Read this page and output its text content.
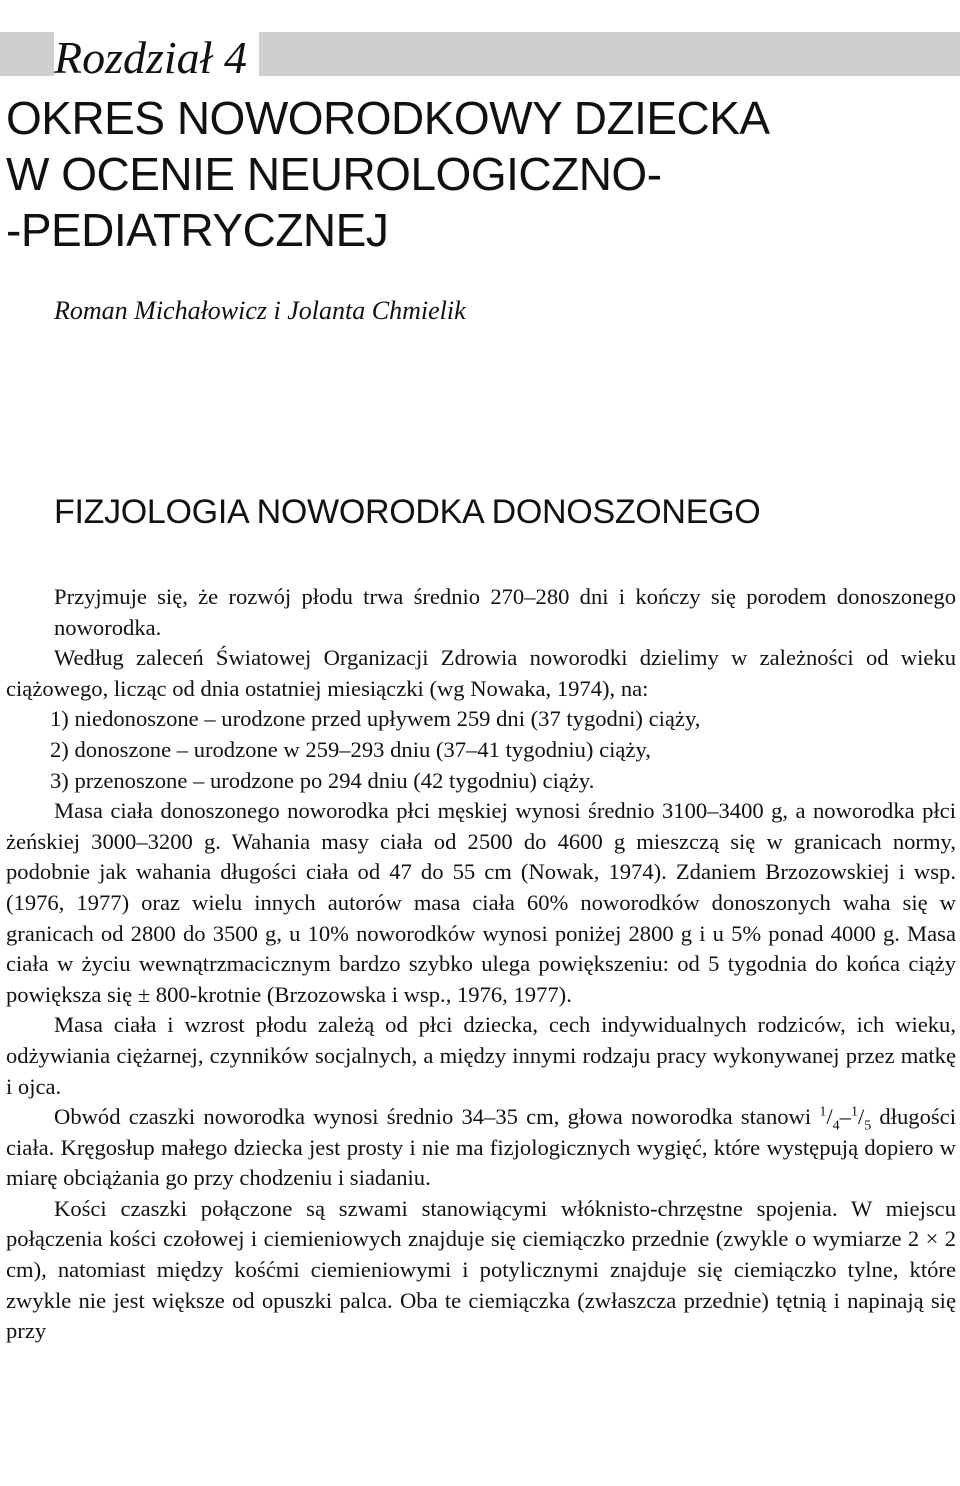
Rozdział 4
OKRES NOWORODKOWY DZIECKA
W OCENIE NEUROLOGICZNO-
-PEDIATRYCZNEJ

Roman Michałowicz i Jolanta Chmielik

FIZJOLOGIA NOWORODKA DONOSZONEGO

Przyjmuje się, że rozwój płodu trwa średnio 270–280 dni i kończy się porodem donoszonego noworodka.

Według zaleceń Światowej Organizacji Zdrowia noworodki dzielimy w zależności od wieku ciążowego, licząc od dnia ostatniej miesiączki (wg Nowaka, 1974), na:

1) niedonoszone – urodzone przed upływem 259 dni (37 tygodni) ciąży,
2) donoszone – urodzone w 259–293 dniu (37–41 tygodniu) ciąży,
3) przenoszone – urodzone po 294 dniu (42 tygodniu) ciąży.

Masa ciała donoszonego noworodka płci męskiej wynosi średnio 3100–3400 g, a noworodka płci żeńskiej 3000–3200 g. Wahania masy ciała od 2500 do 4600 g mieszczą się w granicach normy, podobnie jak wahania długości ciała od 47 do 55 cm (Nowak, 1974). Zdaniem Brzozowskiej i wsp. (1976, 1977) oraz wielu innych autorów masa ciała 60% noworodków donoszonych waha się w granicach od 2800 do 3500 g, u 10% noworodków wynosi poniżej 2800 g i u 5% ponad 4000 g. Masa ciała w życiu wewnątrzmacicznym bardzo szybko ulega powiększeniu: od 5 tygodnia do końca ciąży powiększa się ± 800-krotnie (Brzozowska i wsp., 1976, 1977).

Masa ciała i wzrost płodu zależą od płci dziecka, cech indywidualnych rodziców, ich wieku, odżywiania ciężarnej, czynników socjalnych, a między innymi rodzaju pracy wykonywanej przez matkę i ojca.

Obwód czaszki noworodka wynosi średnio 34–35 cm, głowa noworodka stanowi $^1/_4-^1/_5$ długości ciała. Kręgosłup małego dziecka jest prosty i nie ma fizjologicznych wygięć, które występują dopiero w miarę obciążania go przy chodzeniu i siadaniu.

Kości czaszki połączone są szwami stanowiącymi włóknisto-chrzęstne spojenia. W miejscu połączenia kości czołowej i ciemieniowych znajduje się ciemiączko przednie (zwykle o wymiarze 2 × 2 cm), natomiast między kośćmi ciemieniowymi i potylicznymi znajduje się ciemiączko tylne, które zwykle nie jest większe od opuszki palca. Oba te ciemiączka (zwłaszcza przednie) tętnią i napinają się przy
